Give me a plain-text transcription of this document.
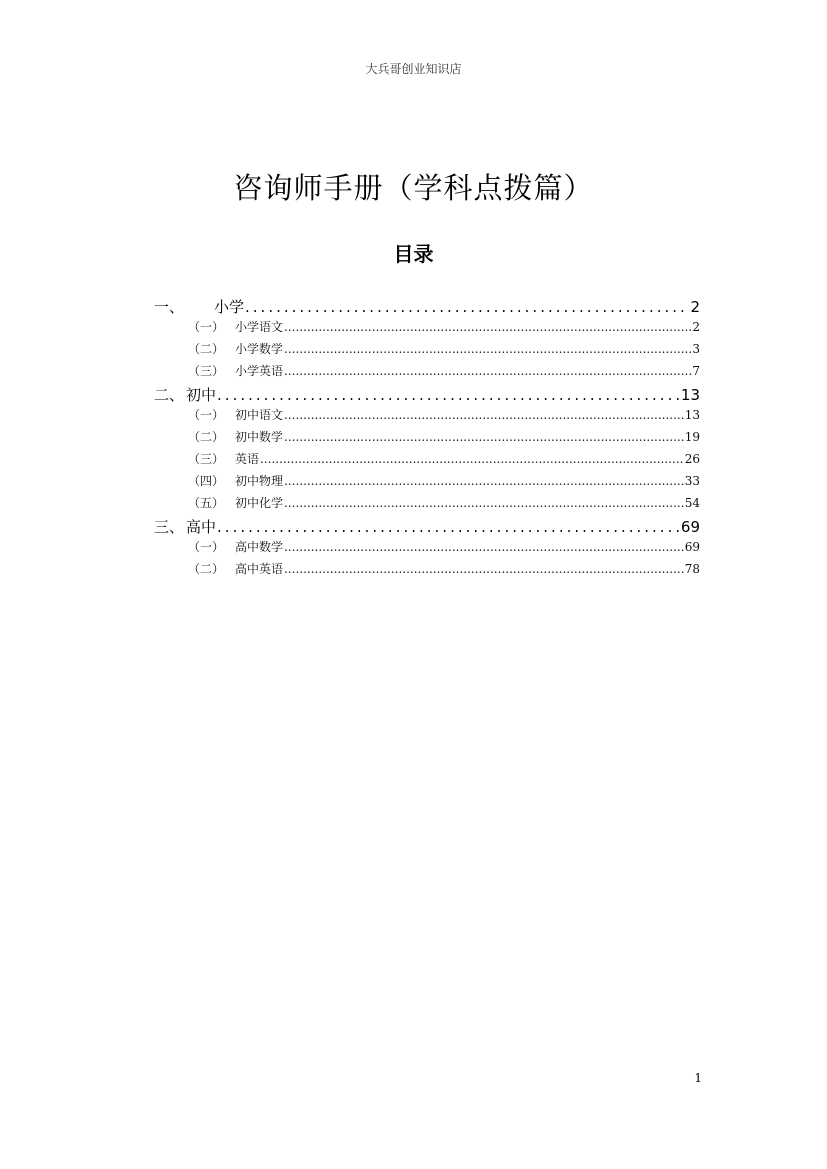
大兵哥创业知识店
咨询师手册（学科点拨篇）
目录
一、	小学 .....	2
（一） 小学语文 .....	2
（二） 小学数学 .....	3
（三） 小学英语 .....	7
二、 初中 .....	13
（一） 初中语文 .....	13
（二） 初中数学 .....	19
（三） 英语 .....	26
（四） 初中物理 .....	33
（五） 初中化学 .....	54
三、 高中 .....	69
（一） 高中数学 .....	69
（二） 高中英语 .....	78
1
